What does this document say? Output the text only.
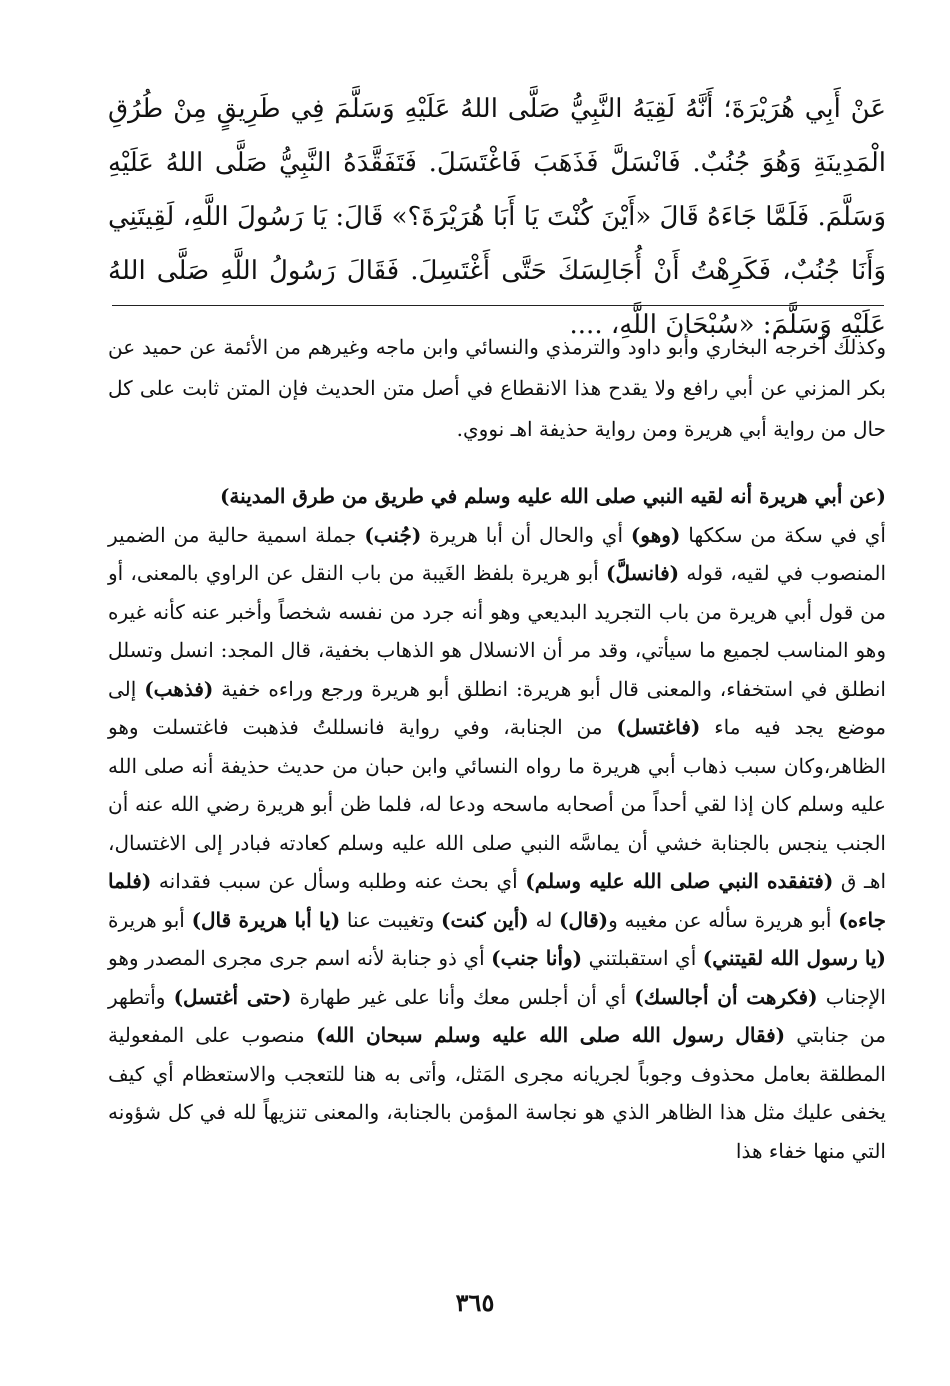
عَنْ أَبِي هُرَيْرَةَ؛ أَنَّهُ لَقِيَهُ النَّبِيُّ صَلَّى اللهُ عَلَيْهِ وَسَلَّمَ فِي طَرِيقٍ مِنْ طُرُقِ الْمَدِينَةِ وَهُوَ جُنُبٌ. فَانْسَلَّ فَذَهَبَ فَاغْتَسَلَ. فَتَفَقَّدَهُ النَّبِيُّ صَلَّى اللهُ عَلَيْهِ وَسَلَّمَ. فَلَمَّا جَاءَهُ قَالَ «أَيْنَ كُنْتَ يَا أَبَا هُرَيْرَةَ؟» قَالَ: يَا رَسُولَ اللَّهِ، لَقِيتَنِي وَأَنَا جُنُبٌ، فَكَرِهْتُ أَنْ أُجَالِسَكَ حَتَّى أَغْتَسِلَ. فَقَالَ رَسُولُ اللَّهِ صَلَّى اللهُ عَلَيْهِ وَسَلَّمَ: «سُبْحَانَ اللَّهِ، ....

وكذلك أخرجه البخاري وأبو داود والترمذي والنسائي وابن ماجه وغيرهم من الأئمة عن حميد عن بكر المزني عن أبي رافع ولا يقدح هذا الانقطاع في أصل متن الحديث فإن المتن ثابت على كل حال من رواية أبي هريرة ومن رواية حذيفة اهـ نووي.

(عن أبي هريرة أنه لقيه النبي صلى الله عليه وسلم في طريق من طرق المدينة)

أي في سكة من سككها (وهو) أي والحال أن أبا هريرة (جُنب) جملة اسمية حالية من الضمير المنصوب في لقيه، قوله (فانسلَّ) أبو هريرة بلفظ الغَيبة من باب النقل عن الراوي بالمعنى، أو من قول أبي هريرة من باب التجريد البديعي وهو أنه جرد من نفسه شخصاً وأخبر عنه كأنه غيره وهو المناسب لجميع ما سيأتي، وقد مر أن الانسلال هو الذهاب بخفية، قال المجد: انسل وتسلل انطلق في استخفاء، والمعنى قال أبو هريرة: انطلق أبو هريرة ورجع وراءه خفية (فذهب) إلى موضع يجد فيه ماء (فاغتسل) من الجنابة، وفي رواية فانسللتُ فذهبت فاغتسلت وهو الظاهر،وكان سبب ذهاب أبي هريرة ما رواه النسائي وابن حبان من حديث حذيفة أنه صلى الله عليه وسلم كان إذا لقي أحداً من أصحابه ماسحه ودعا له، فلما ظن أبو هريرة رضي الله عنه أن الجنب ينجس بالجنابة خشي أن يماسَّه النبي صلى الله عليه وسلم كعادته فبادر إلى الاغتسال، اهـ ق (فتفقده النبي صلى الله عليه وسلم) أي بحث عنه وطلبه وسأل عن سبب فقدانه (فلما جاءه) أبو هريرة سأله عن مغيبه و(قال) له (أين كنت) وتغيبت عنا (يا أبا هريرة قال) أبو هريرة (يا رسول الله لقيتني) أي استقبلتني (وأنا جنب) أي ذو جنابة لأنه اسم جرى مجرى المصدر وهو الإجناب (فكرهت أن أجالسك) أي أن أجلس معك وأنا على غير طهارة (حتى أغتسل) وأتطهر من جنابتي (فقال رسول الله صلى الله عليه وسلم سبحان الله) منصوب على المفعولية المطلقة بعامل محذوف وجوباً لجريانه مجرى المَثل، وأتى به هنا للتعجب والاستعظام أي كيف يخفى عليك مثل هذا الظاهر الذي هو نجاسة المؤمن بالجنابة، والمعنى تنزيهاً لله في كل شؤونه التي منها خفاء هذا

٣٦٥
